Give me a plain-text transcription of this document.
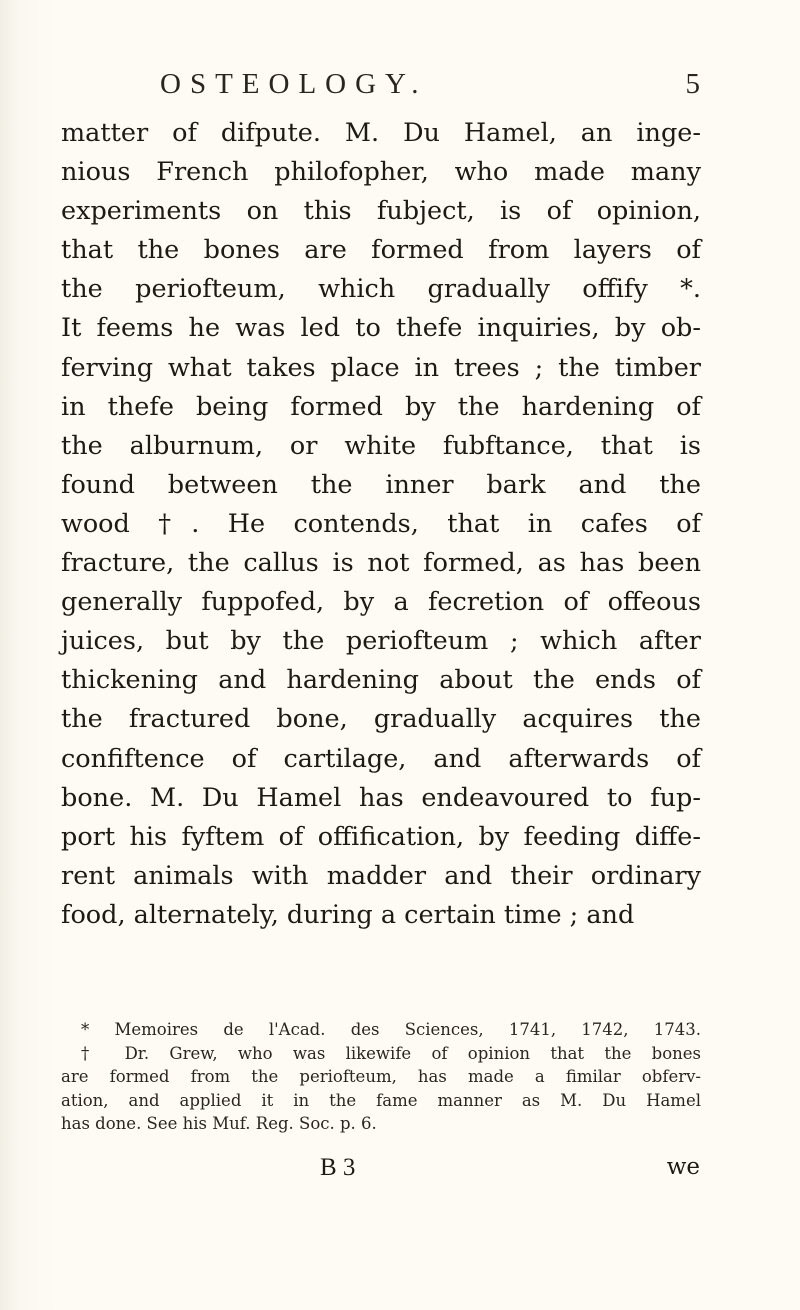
OSTEOLOGY.	5
matter of difpute. M. Du Hamel, an inge-
nious French philofopher, who made many
experiments on this fubject, is of opinion,
that the bones are formed from layers of
the periofteum, which gradually offify *.
It feems he was led to thefe inquiries, by ob-
ferving what takes place in trees ; the timber
in thefe being formed by the hardening of
the alburnum, or white fubftance, that is
found between the inner bark and the
wood †. He contends, that in cafes of
fracture, the callus is not formed, as has been
generally fuppofed, by a fecretion of offeous
juices, but by the periofteum ; which after
thickening and hardening about the ends of
the fractured bone, gradually acquires the
confiftence of cartilage, and afterwards of
bone. M. Du Hamel has endeavoured to fup-
port his fyftem of offification, by feeding diffe-
rent animals with madder and their ordinary
food, alternately, during a certain time ; and
* Memoires de l'Acad. des Sciences, 1741, 1742, 1743.
† Dr. Grew, who was likewife of opinion that the bones
are formed from the periofteum, has made a fimilar obferv-
ation, and applied it in the fame manner as M. Du Hamel
has done. See his Muf. Reg. Soc. p. 6.
B 3	we
